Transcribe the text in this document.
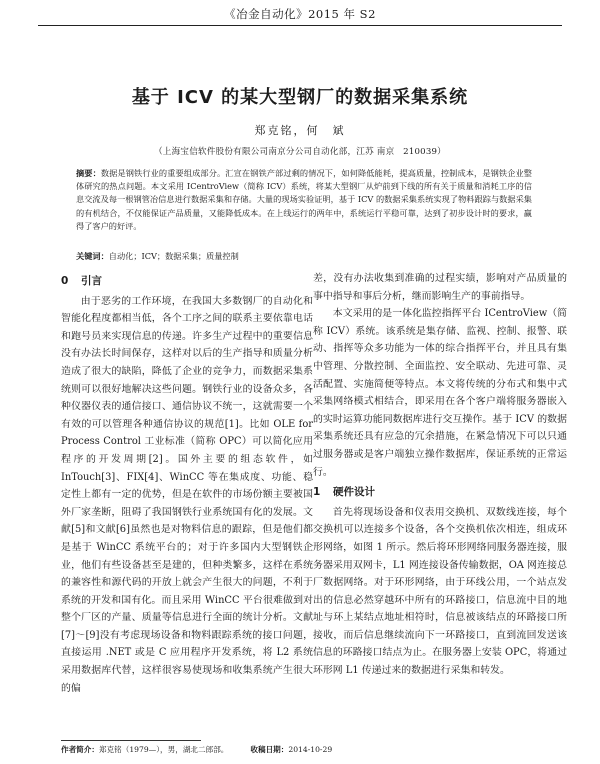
《冶金自动化》2015 年 S2
基于 ICV 的某大型钢厂的数据采集系统
郑克铭，何　斌
（上海宝信软件股份有限公司南京分公司自动化部，江苏 南京　210039）
摘要：数据是钢铁行业的重要组成部分。汇宣在钢铁产部过剩的情况下，如何降低能耗，提高质量，控制成本，是钢铁企业整体研究的热点问题。本文采用 ICentroView（简称 ICV）系统，将某大型钢厂从炉前到下线的所有关于质量和消耗工序的信息交流及每一根钢管冶信息进行数据采集和存储。大量的现场实验证明，基于 ICV 的数据采集系统实现了物料跟踪与数据采集的有机结合，不仅能保证产品质量，又能降低成本。在上线运行的两年中，系统运行平稳可靠，达到了初步设计时的要求，赢得了客户的好评。
关键词：自动化；ICV；数据采集；质量控制
0 引言

由于恶劣的工作环境，在我国大多数钢厂的自动化和智能化程度都相当低，各个工序之间的联系主要依靠电话和跑号员来实现信息的传递。许多生产过程中的重要信息没有办法长时间保存，这样对以后的生产指导和质量分析造成了很大的缺陷，降低了企业的竞争力，而数据采集系统则可以很好地解决这些问题。钢铁行业的设备众多，各种仪器仪表的通信接口、通信协议不统一，这就需要一个有效的可以管理各种通信协议的规范[1]。比如 OLE for Process Control 工业标准（简称 OPC）可以简化应用程序的开发周期[2]。国外主要的组态软件，如 InTouch[3]、FIX[4]、WinCC 等在集成度、功能、稳定性上都有一定的优势，但是在软件的市场份额主要被国外厂家垄断，阻碍了我国钢铁行业系统国有化的发展。文献[5]和文献[6]虽然也是对物料信息的跟踪，但是他们都是基于 WinCC 系统平台的；对于许多国内大型钢铁企业，他们有些设备甚至是建的，但种类繁多，这样在系统的兼容性和源代码的开放上就会产生很大的问题，不利于系统的开发和国有化。而且采用 WinCC 平台很难做到对整个厂区的产量、质量等信息进行全面的统计分析。文献[7]～[9]没有考虑现场设备和物料跟踪系统的接口问题，直接运用 .NET 或是 C 应用程序开发系统，将 L2 系统采用数据库代替，这样很容易使现场和收集系统产生很大的偏

差，没有办法收集到准确的过程实绩，影响对产品质量的事中指导和事后分析，继而影响生产的事前指导。

本文采用的是一体化监控指挥平台 ICentroView（简称 ICV）系统。该系统是集存储、监视、控制、报警、联动、指挥等众多功能为一体的综合指挥平台，并且具有集中管理、分散控制、全面监控、安全联动、先进可靠、灵活配置、实施简便等特点。本文将传统的分布式和集中式采集网络模式相结合，即采用在各个客户端将服务器嵌入的实时运算功能同数据库进行交互操作。基于 ICV 的数据采集系统还具有应急的冗余措施，在紧急情况下可以只通过服务器或是客户端独立操作数据库，保证系统的正常运行。

1 硬件设计

首先将现场设备和仪表用交换机、双数线连接，每个交换机可以连接多个设备，各个交换机依次相连，组成环形网络，如图 1 所示。然后将环形网络同服务器连接，服务器采用双网卡，L1 网连接设备传输数据，OA 网连接总厂数据网络。对于环形网络，由于环线公用，一个站点发出的信息必然穿越环中所有的环路接口，信息流中目的地址与环上某结点地址相符时，信息被该结点的环路接口所接收，而后信息继续流向下一环路接口，直到流回发送该信息的环路接口结点为止。在服务器上安装 OPC，将通过环形网 L1 传递过来的数据进行采集和转发。

作者简介：郑克铭（1979—），男，湖北二郎部。	收稿日期：2014-10-29
